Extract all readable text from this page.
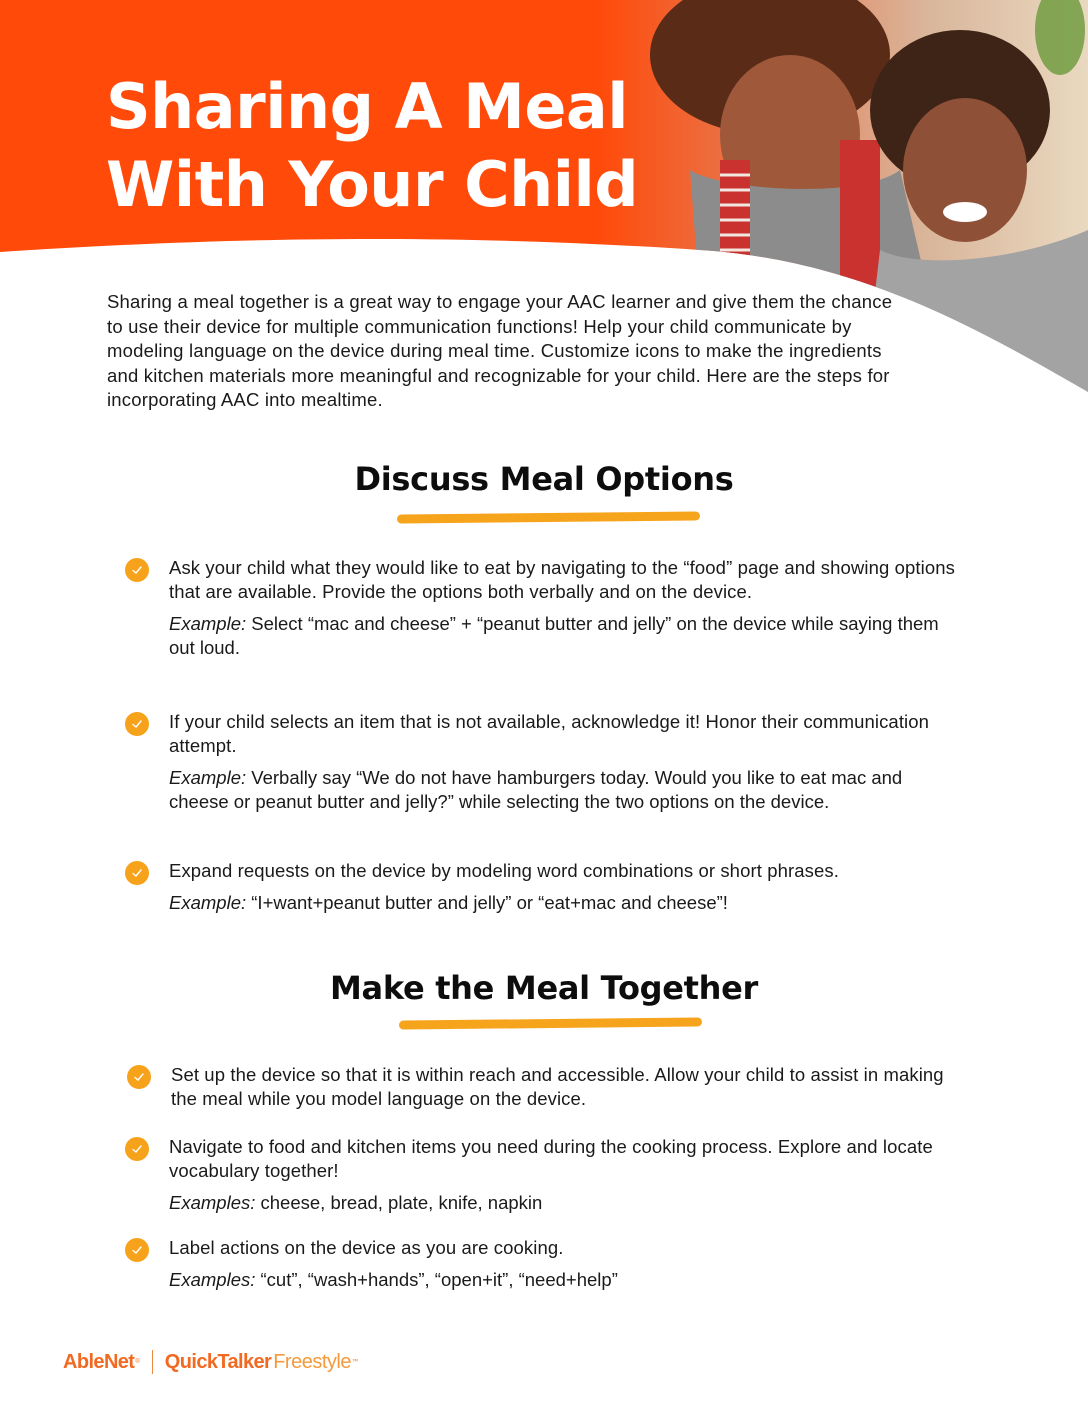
Sharing A Meal
With Your Child

Sharing a meal together is a great way to engage your AAC learner and give them the chance to use their device for multiple communication functions! Help your child communicate by modeling language on the device during meal time. Customize icons to make the ingredients and kitchen materials more meaningful and recognizable for your child. Here are the steps for incorporating AAC into mealtime.

Discuss Meal Options
Ask your child what they would like to eat by navigating to the “food” page and showing options that are available. Provide the options both verbally and on the device.
Example: Select “mac and cheese” + “peanut butter and jelly” on the device while saying them out loud.
If your child selects an item that is not available, acknowledge it! Honor their communication attempt.
Example: Verbally say “We do not have hamburgers today. Would you like to eat mac and cheese or peanut butter and jelly?” while selecting the two options on the device.
Expand requests on the device by modeling word combinations or short phrases.
Example: “I+want+peanut butter and jelly” or “eat+mac and cheese”!
Make the Meal Together
Set up the device so that it is within reach and accessible. Allow your child to assist in making the meal while you model language on the device.
Navigate to food and kitchen items you need during the cooking process. Explore and locate vocabulary together!
Examples: cheese, bread, plate, knife, napkin
Label actions on the device as you are cooking.
Examples: “cut”, “wash+hands”, “open+it”, “need+help”
AbleNet ® QuickTalker Freestyle ™
